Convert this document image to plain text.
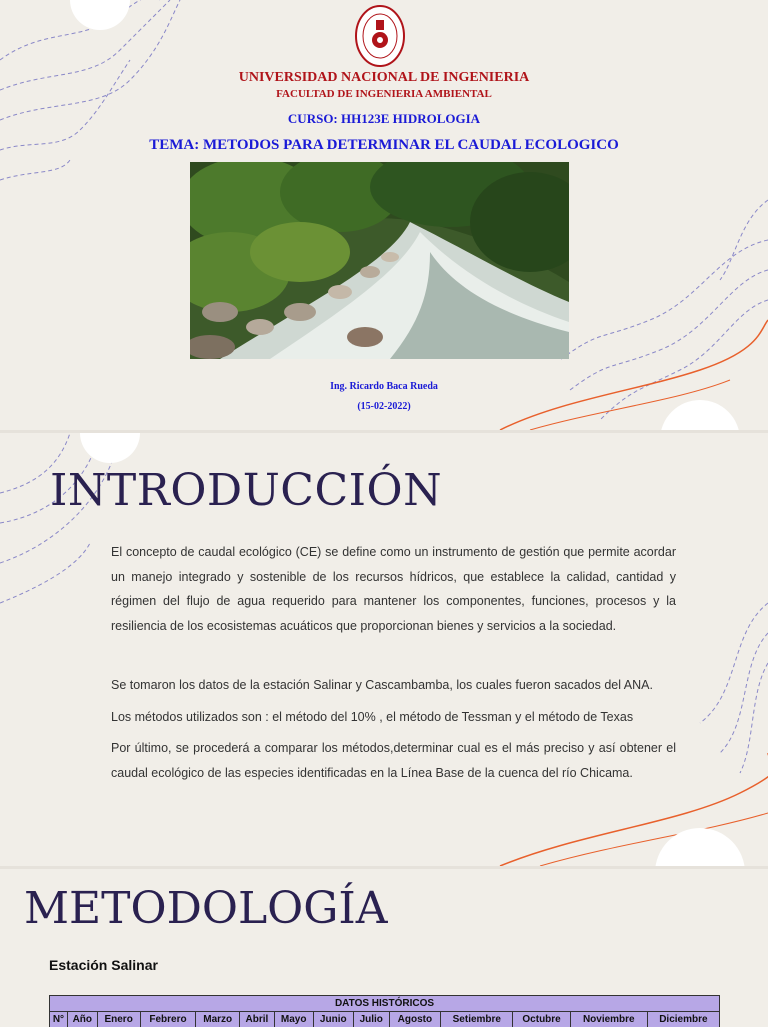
UNIVERSIDAD NACIONAL DE INGENIERIA
FACULTAD DE INGENIERIA AMBIENTAL
CURSO: HH123E HIDROLOGIA
TEMA: METODOS PARA DETERMINAR EL CAUDAL ECOLOGICO
Ing. Ricardo Baca Rueda
(15-02-2022)
INTRODUCCIÓN

El concepto de caudal ecológico (CE) se define como un instrumento de gestión que permite acordar un manejo integrado y sostenible de los recursos hídricos, que establece la calidad, cantidad y régimen del flujo de agua requerido para mantener los componentes, funciones, procesos y la resiliencia de los ecosistemas acuáticos que proporcionan bienes y servicios a la sociedad.

Se tomaron los datos de la estación Salinar y Cascambamba, los cuales fueron sacados del ANA.

Los métodos utilizados son : el método del 10% , el método de Tessman y el método de Texas

Por último, se procederá a comparar los métodos,determinar cual es el más preciso y así obtener el caudal ecológico de las especies identificadas en la Línea Base de la cuenca del río Chicama.

METODOLOGÍA
Estación Salinar
DATOS HISTÓRICOS
N°	Año	Enero	Febrero	Marzo	Abril	Mayo	Junio	Julio	Agosto	Setiembre	Octubre	Noviembre	Diciembre
